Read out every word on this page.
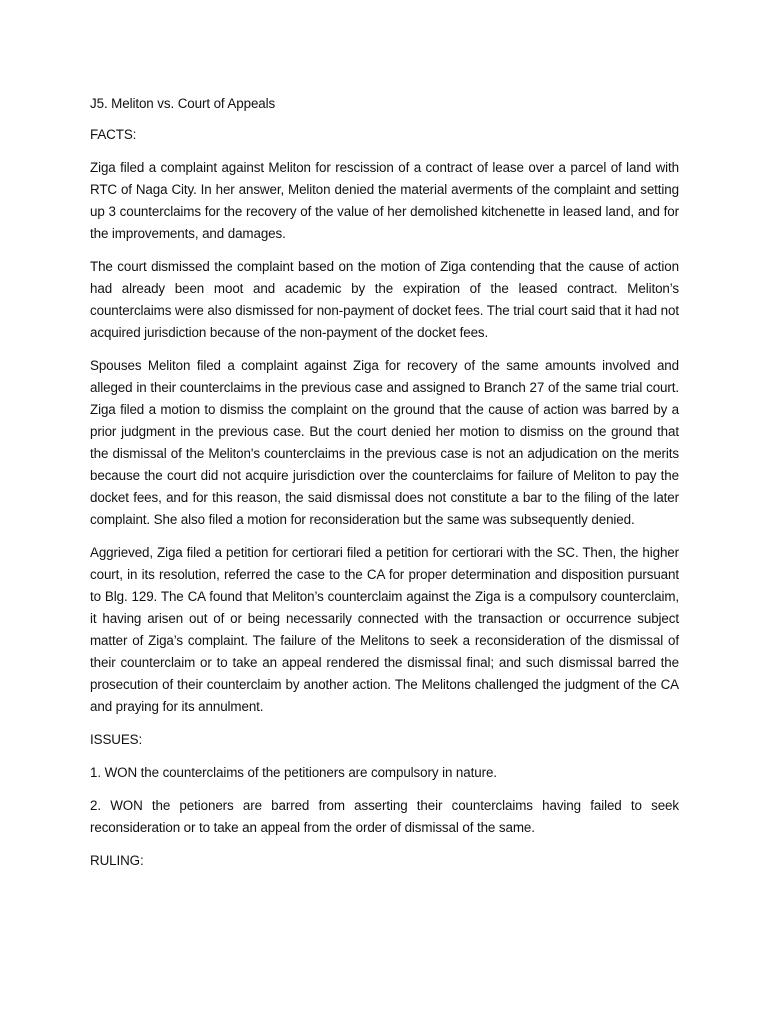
J5. Meliton vs. Court of Appeals
FACTS:

Ziga filed a complaint against Meliton for rescission of a contract of lease over a parcel of land with RTC of Naga City. In her answer, Meliton denied the material averments of the complaint and setting up 3 counterclaims for the recovery of the value of her demolished kitchenette in leased land, and for the improvements, and damages.

The court dismissed the complaint based on the motion of Ziga contending that the cause of action had already been moot and academic by the expiration of the leased contract. Meliton’s counterclaims were also dismissed for non-payment of docket fees. The trial court said that it had not acquired jurisdiction because of the non-payment of the docket fees.

Spouses Meliton filed a complaint against Ziga for recovery of the same amounts involved and alleged in their counterclaims in the previous case and assigned to Branch 27 of the same trial court. Ziga filed a motion to dismiss the complaint on the ground that the cause of action was barred by a prior judgment in the previous case. But the court denied her motion to dismiss on the ground that the dismissal of the Meliton's counterclaims in the previous case is not an adjudication on the merits because the court did not acquire jurisdiction over the counterclaims for failure of Meliton to pay the docket fees, and for this reason, the said dismissal does not constitute a bar to the filing of the later complaint. She also filed a motion for reconsideration but the same was subsequently denied.

Aggrieved, Ziga filed a petition for certiorari filed a petition for certiorari with the SC. Then, the higher court, in its resolution, referred the case to the CA for proper determination and disposition pursuant to Blg. 129. The CA found that Meliton’s counterclaim against the Ziga is a compulsory counterclaim, it having arisen out of or being necessarily connected with the transaction or occurrence subject matter of Ziga’s complaint. The failure of the Melitons to seek a reconsideration of the dismissal of their counterclaim or to take an appeal rendered the dismissal final; and such dismissal barred the prosecution of their counterclaim by another action. The Melitons challenged the judgment of the CA and praying for its annulment.

ISSUES:

1. WON the counterclaims of the petitioners are compulsory in nature.

2. WON the petioners are barred from asserting their counterclaims having failed to seek reconsideration or to take an appeal from the order of dismissal of the same.

RULING:
